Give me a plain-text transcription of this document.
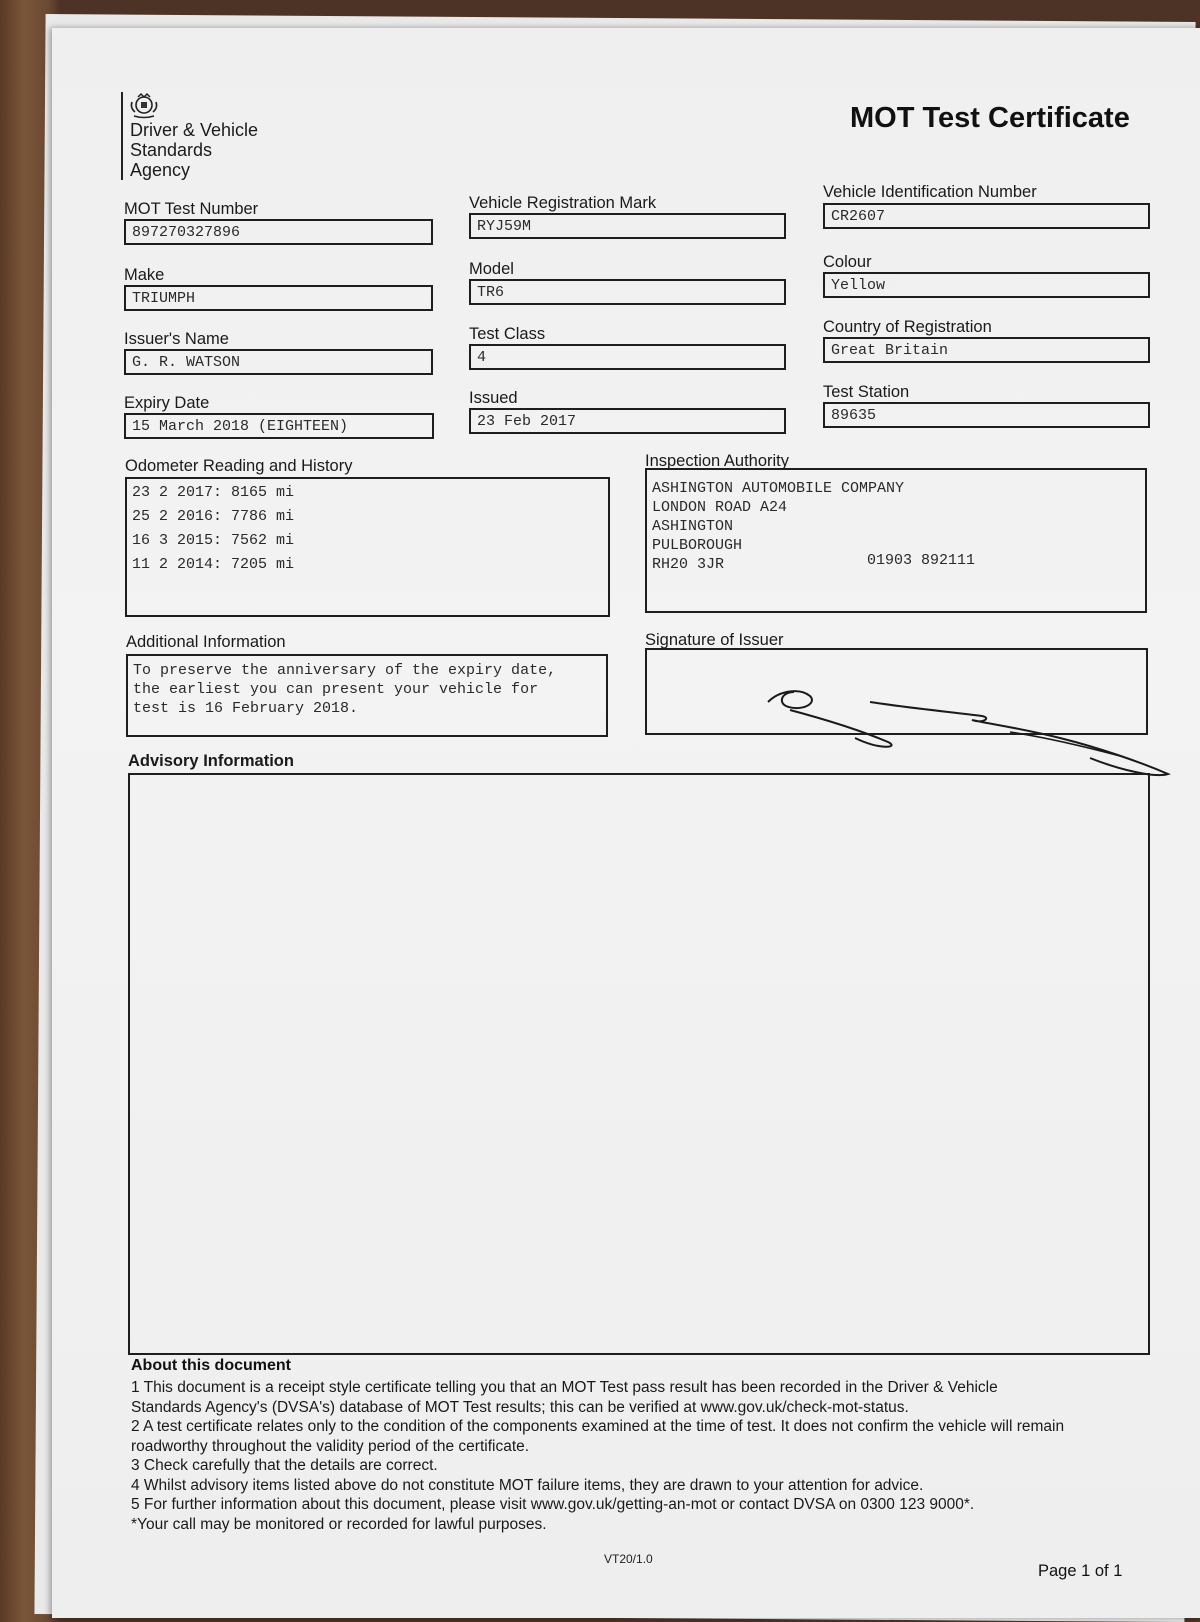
Driver & Vehicle
Standards
Agency
MOT Test Certificate
MOT Test Number
897270327896
Vehicle Registration Mark
RYJ59M
Vehicle Identification Number
CR2607
Make
TRIUMPH
Model
TR6
Colour
Yellow
Issuer's Name
G. R. WATSON
Test Class
4
Country of Registration
Great Britain
Expiry Date
15 March 2018 (EIGHTEEN)
Issued
23 Feb 2017
Test Station
89635
Odometer Reading and History
23 2 2017: 8165 mi
25 2 2016: 7786 mi
16 3 2015: 7562 mi
11 2 2014: 7205 mi
Inspection Authority
ASHINGTON AUTOMOBILE COMPANY
LONDON ROAD A24
ASHINGTON
PULBOROUGH
RH20 3JR	01903 892111
Additional Information
To preserve the anniversary of the expiry date,
the earliest you can present your vehicle for
test is 16 February 2018.
Signature of Issuer
Advisory Information
About this document
1 This document is a receipt style certificate telling you that an MOT Test pass result has been recorded in the Driver & Vehicle
Standards Agency's (DVSA's) database of MOT Test results; this can be verified at www.gov.uk/check-mot-status.
2 A test certificate relates only to the condition of the components examined at the time of test. It does not confirm the vehicle will remain
roadworthy throughout the validity period of the certificate.
3 Check carefully that the details are correct.
4 Whilst advisory items listed above do not constitute MOT failure items, they are drawn to your attention for advice.
5 For further information about this document, please visit www.gov.uk/getting-an-mot or contact DVSA on 0300 123 9000*.
*Your call may be monitored or recorded for lawful purposes.
VT20/1.0
Page 1 of 1
